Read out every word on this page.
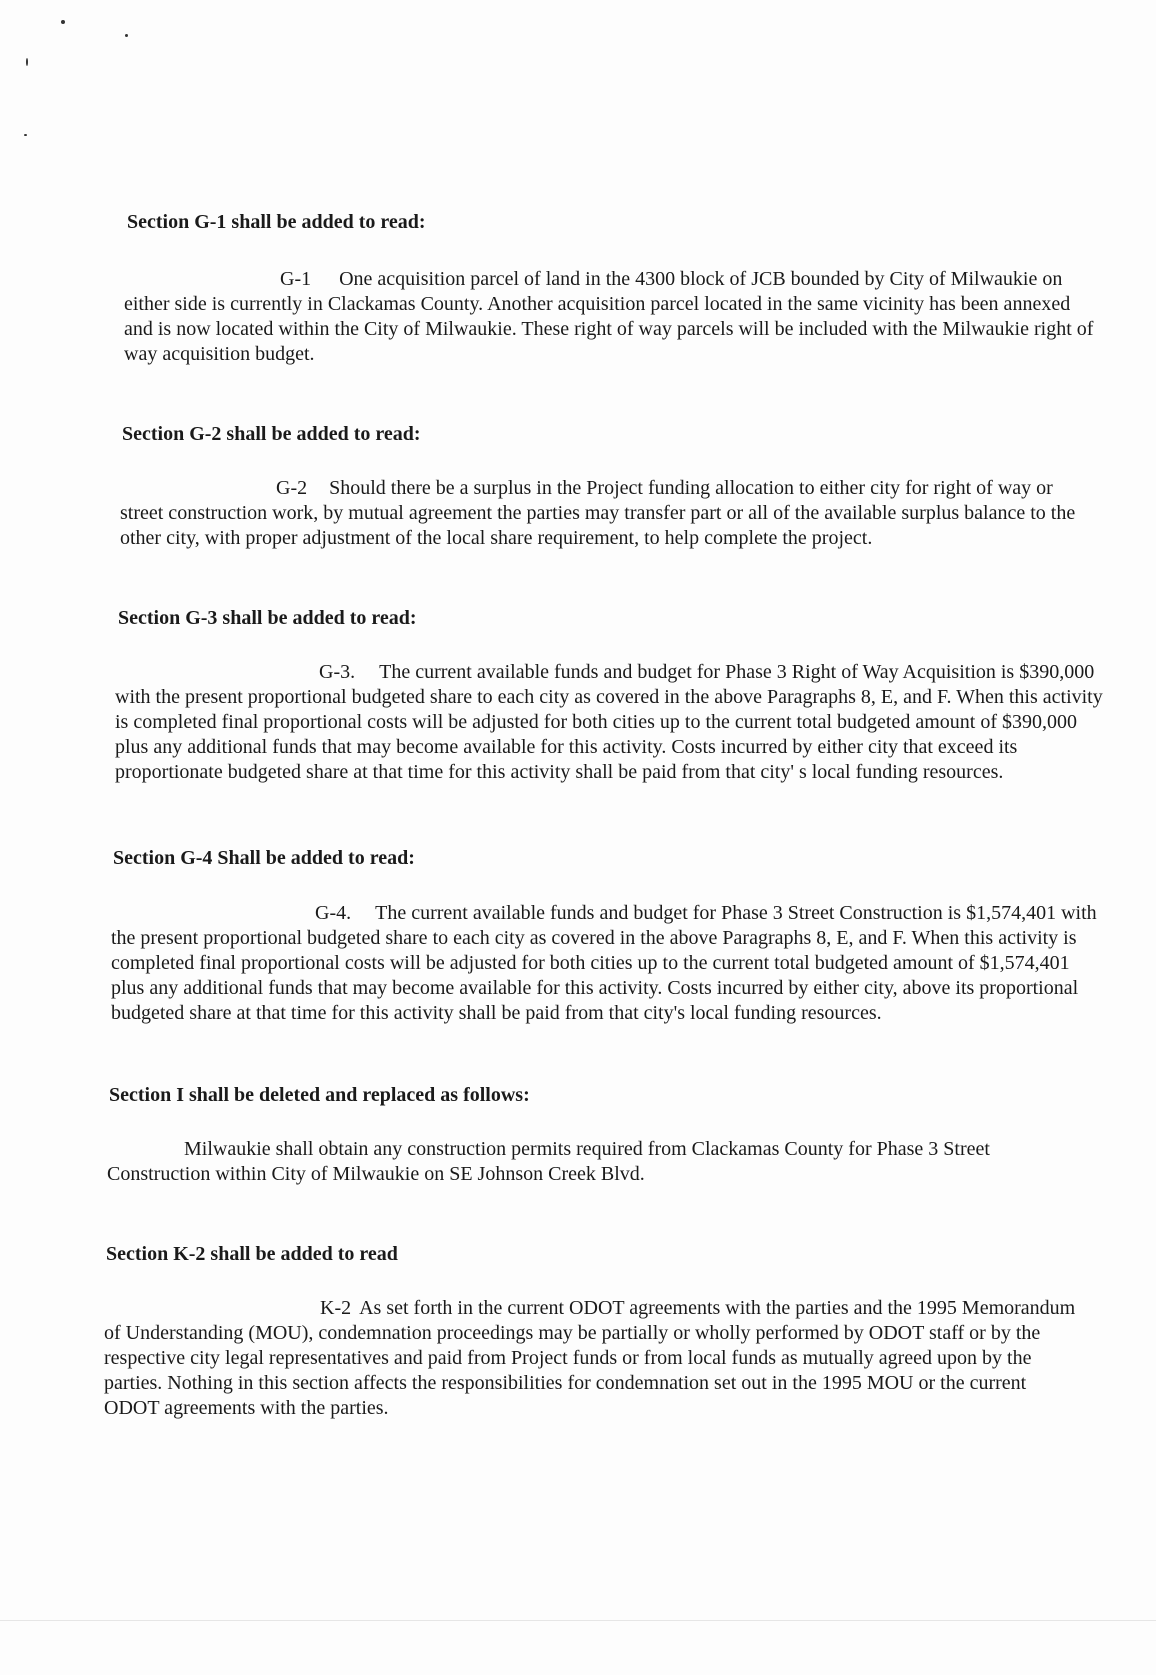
Section G-1 shall be added to read:
G-1 One acquisition parcel of land in the 4300 block of JCB bounded by City of Milwaukie on either side is currently in Clackamas County. Another acquisition parcel located in the same vicinity has been annexed and is now located within the City of Milwaukie. These right of way parcels will be included with the Milwaukie right of way acquisition budget.
Section G-2 shall be added to read:
G-2 Should there be a surplus in the Project funding allocation to either city for right of way or street construction work, by mutual agreement the parties may transfer part or all of the available surplus balance to the other city, with proper adjustment of the local share requirement, to help complete the project.
Section G-3 shall be added to read:
G-3. The current available funds and budget for Phase 3 Right of Way Acquisition is $390,000 with the present proportional budgeted share to each city as covered in the above Paragraphs 8, E, and F. When this activity is completed final proportional costs will be adjusted for both cities up to the current total budgeted amount of $390,000 plus any additional funds that may become available for this activity. Costs incurred by either city that exceed its proportionate budgeted share at that time for this activity shall be paid from that city' s local funding resources.
Section G-4 Shall be added to read:
G-4. The current available funds and budget for Phase 3 Street Construction is $1,574,401 with the present proportional budgeted share to each city as covered in the above Paragraphs 8, E, and F. When this activity is completed final proportional costs will be adjusted for both cities up to the current total budgeted amount of $1,574,401 plus any additional funds that may become available for this activity. Costs incurred by either city, above its proportional budgeted share at that time for this activity shall be paid from that city's local funding resources.
Section I shall be deleted and replaced as follows:
Milwaukie shall obtain any construction permits required from Clackamas County for Phase 3 Street Construction within City of Milwaukie on SE Johnson Creek Blvd.
Section K-2 shall be added to read
K-2 As set forth in the current ODOT agreements with the parties and the 1995 Memorandum of Understanding (MOU), condemnation proceedings may be partially or wholly performed by ODOT staff or by the respective city legal representatives and paid from Project funds or from local funds as mutually agreed upon by the parties. Nothing in this section affects the responsibilities for condemnation set out in the 1995 MOU or the current ODOT agreements with the parties.
